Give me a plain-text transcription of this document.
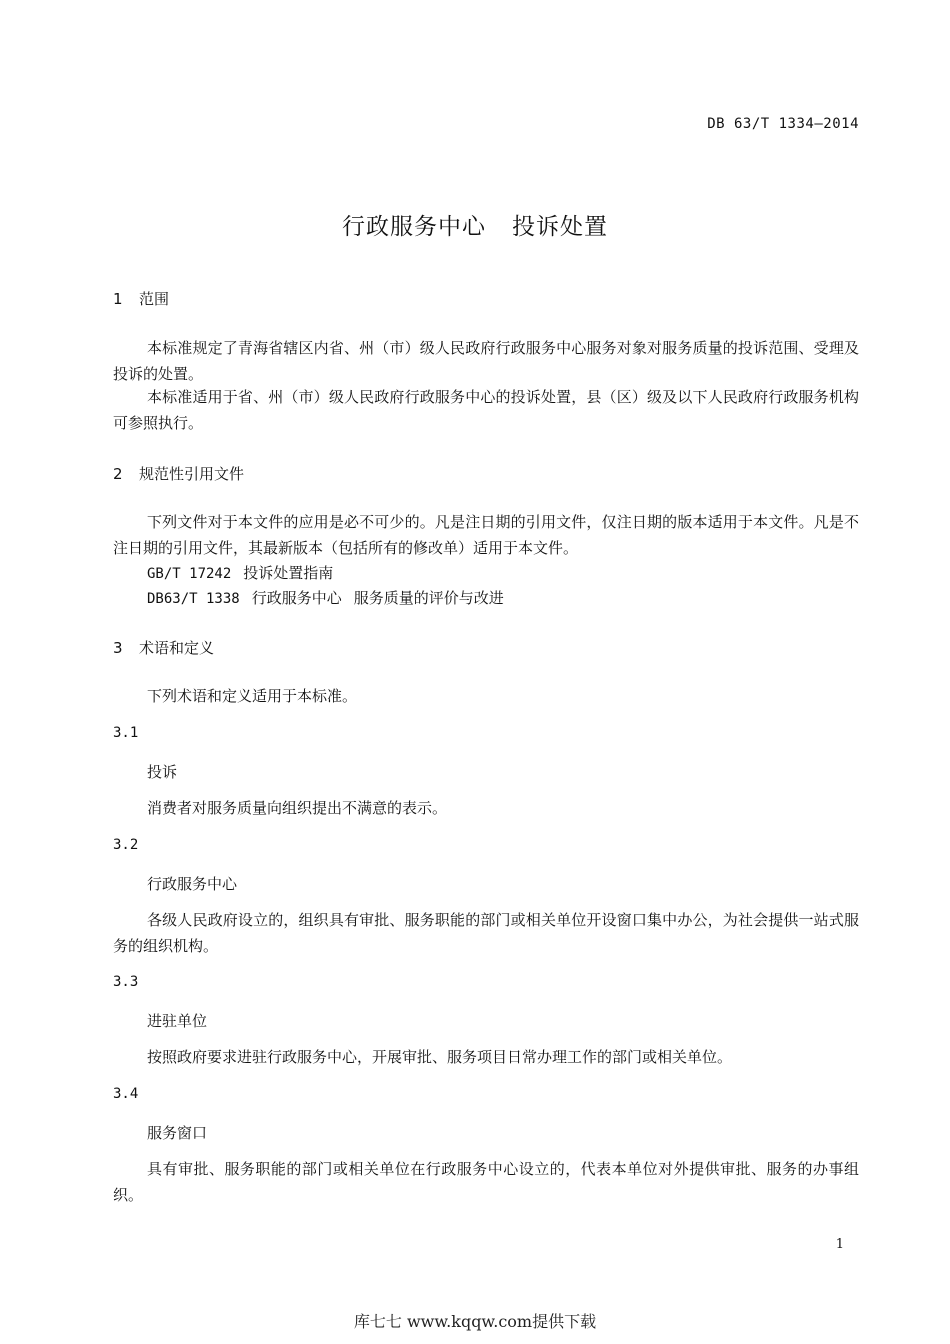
DB 63/T 1334—2014
行政服务中心 投诉处置
1 范围
本标准规定了青海省辖区内省、州（市）级人民政府行政服务中心服务对象对服务质量的投诉范围、受理及投诉的处置。
本标准适用于省、州（市）级人民政府行政服务中心的投诉处置，县（区）级及以下人民政府行政服务机构可参照执行。
2 规范性引用文件
下列文件对于本文件的应用是必不可少的。凡是注日期的引用文件，仅注日期的版本适用于本文件。凡是不注日期的引用文件，其最新版本（包括所有的修改单）适用于本文件。
GB/T 17242 投诉处置指南
DB63/T 1338 行政服务中心 服务质量的评价与改进
3 术语和定义
下列术语和定义适用于本标准。
3.1
投诉
消费者对服务质量向组织提出不满意的表示。
3.2
行政服务中心
各级人民政府设立的，组织具有审批、服务职能的部门或相关单位开设窗口集中办公，为社会提供一站式服务的组织机构。
3.3
进驻单位
按照政府要求进驻行政服务中心，开展审批、服务项目日常办理工作的部门或相关单位。
3.4
服务窗口
具有审批、服务职能的部门或相关单位在行政服务中心设立的，代表本单位对外提供审批、服务的办事组织。
1
库七七 www.kqqw.com提供下载
